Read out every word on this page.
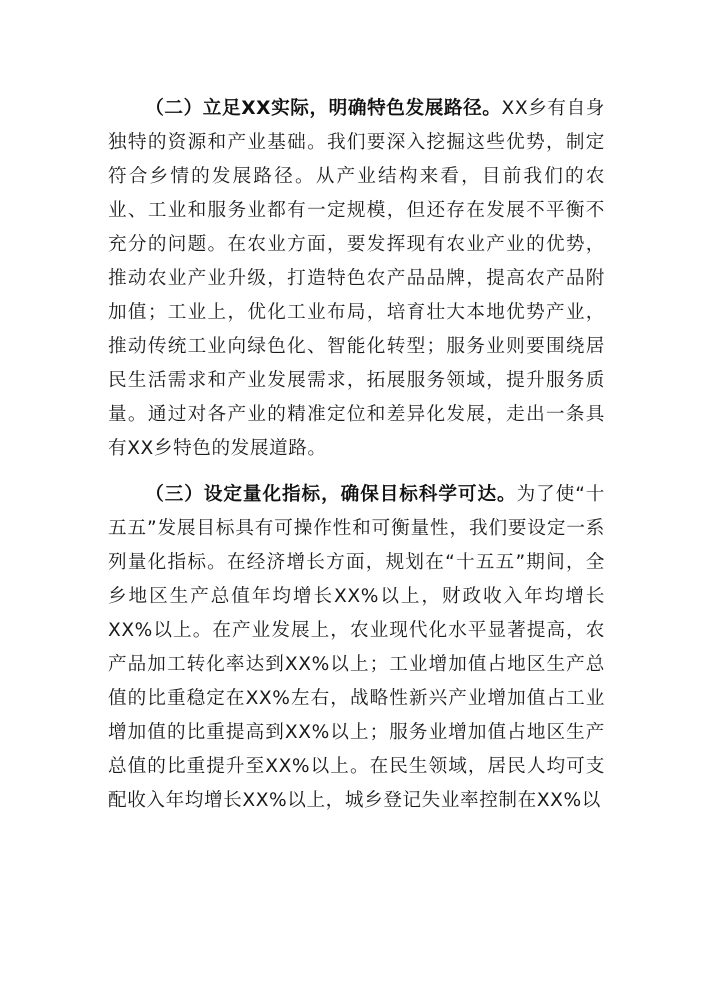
（二）立足XX实际，明确特色发展路径。XX乡有自身独特的资源和产业基础。我们要深入挖掘这些优势，制定符合乡情的发展路径。从产业结构来看，目前我们的农业、工业和服务业都有一定规模，但还存在发展不平衡不充分的问题。在农业方面，要发挥现有农业产业的优势，推动农业产业升级，打造特色农产品品牌，提高农产品附加值；工业上，优化工业布局，培育壮大本地优势产业，推动传统工业向绿色化、智能化转型；服务业则要围绕居民生活需求和产业发展需求，拓展服务领域，提升服务质量。通过对各产业的精准定位和差异化发展，走出一条具有XX乡特色的发展道路。

（三）设定量化指标，确保目标科学可达。为了使“十五五”发展目标具有可操作性和可衡量性，我们要设定一系列量化指标。在经济增长方面，规划在“十五五”期间，全乡地区生产总值年均增长XX%以上，财政收入年均增长XX%以上。在产业发展上，农业现代化水平显著提高，农产品加工转化率达到XX%以上；工业增加值占地区生产总值的比重稳定在XX%左右，战略性新兴产业增加值占工业增加值的比重提高到XX%以上；服务业增加值占地区生产总值的比重提升至XX%以上。在民生领域，居民人均可支配收入年均增长XX%以上，城乡登记失业率控制在XX%以
